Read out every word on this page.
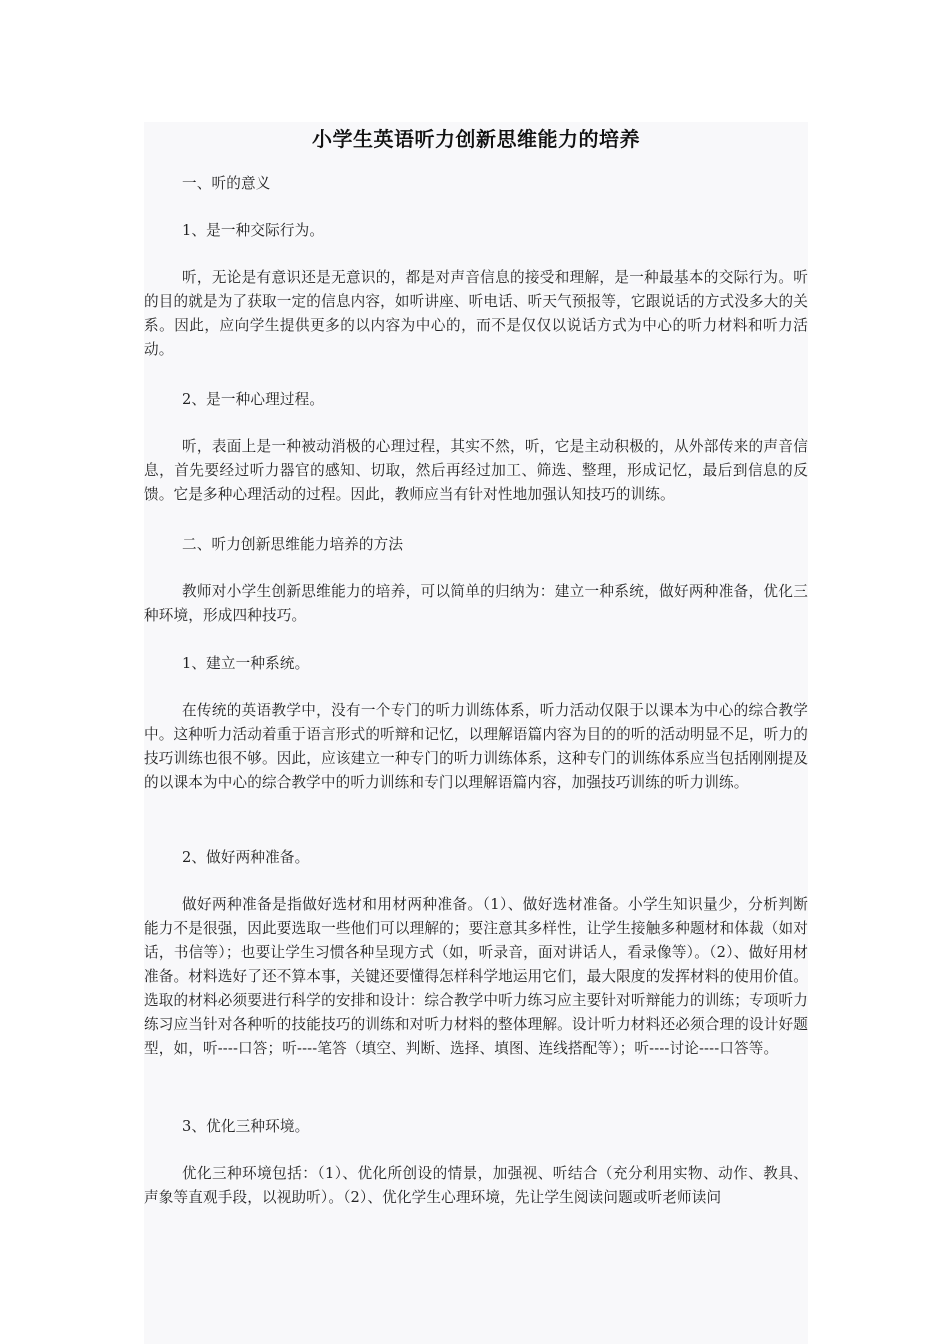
小学生英语听力创新思维能力的培养

一、听的意义

1、是一种交际行为。

听，无论是有意识还是无意识的，都是对声音信息的接受和理解，是一种最基本的交际行为。听的目的就是为了获取一定的信息内容，如听讲座、听电话、听天气预报等，它跟说话的方式没多大的关系。因此，应向学生提供更多的以内容为中心的，而不是仅仅以说话方式为中心的听力材料和听力活动。

2、是一种心理过程。

听，表面上是一种被动消极的心理过程，其实不然，听，它是主动积极的，从外部传来的声音信息，首先要经过听力器官的感知、切取，然后再经过加工、筛选、整理，形成记忆，最后到信息的反馈。它是多种心理活动的过程。因此，教师应当有针对性地加强认知技巧的训练。

二、听力创新思维能力培养的方法

教师对小学生创新思维能力的培养，可以简单的归纳为：建立一种系统，做好两种准备，优化三种环境，形成四种技巧。

1、建立一种系统。

在传统的英语教学中，没有一个专门的听力训练体系，听力活动仅限于以课本为中心的综合教学中。这种听力活动着重于语言形式的听辩和记忆，以理解语篇内容为目的的听的活动明显不足，听力的技巧训练也很不够。因此，应该建立一种专门的听力训练体系，这种专门的训练体系应当包括刚刚提及的以课本为中心的综合教学中的听力训练和专门以理解语篇内容，加强技巧训练的听力训练。

2、做好两种准备。

做好两种准备是指做好选材和用材两种准备。（1）、做好选材准备。小学生知识量少，分析判断能力不是很强，因此要选取一些他们可以理解的；要注意其多样性，让学生接触多种题材和体裁（如对话，书信等）；也要让学生习惯各种呈现方式（如，听录音，面对讲话人，看录像等）。（2）、做好用材准备。材料选好了还不算本事，关键还要懂得怎样科学地运用它们，最大限度的发挥材料的使用价值。选取的材料必须要进行科学的安排和设计：综合教学中听力练习应主要针对听辩能力的训练；专项听力练习应当针对各种听的技能技巧的训练和对听力材料的整体理解。设计听力材料还必须合理的设计好题型，如，听----口答；听----笔答（填空、判断、选择、填图、连线搭配等）；听----讨论----口答等。

3、优化三种环境。

优化三种环境包括：（1）、优化所创设的情景，加强视、听结合（充分利用实物、动作、教具、声象等直观手段，以视助听）。（2）、优化学生心理环境，先让学生阅读问题或听老师读问
